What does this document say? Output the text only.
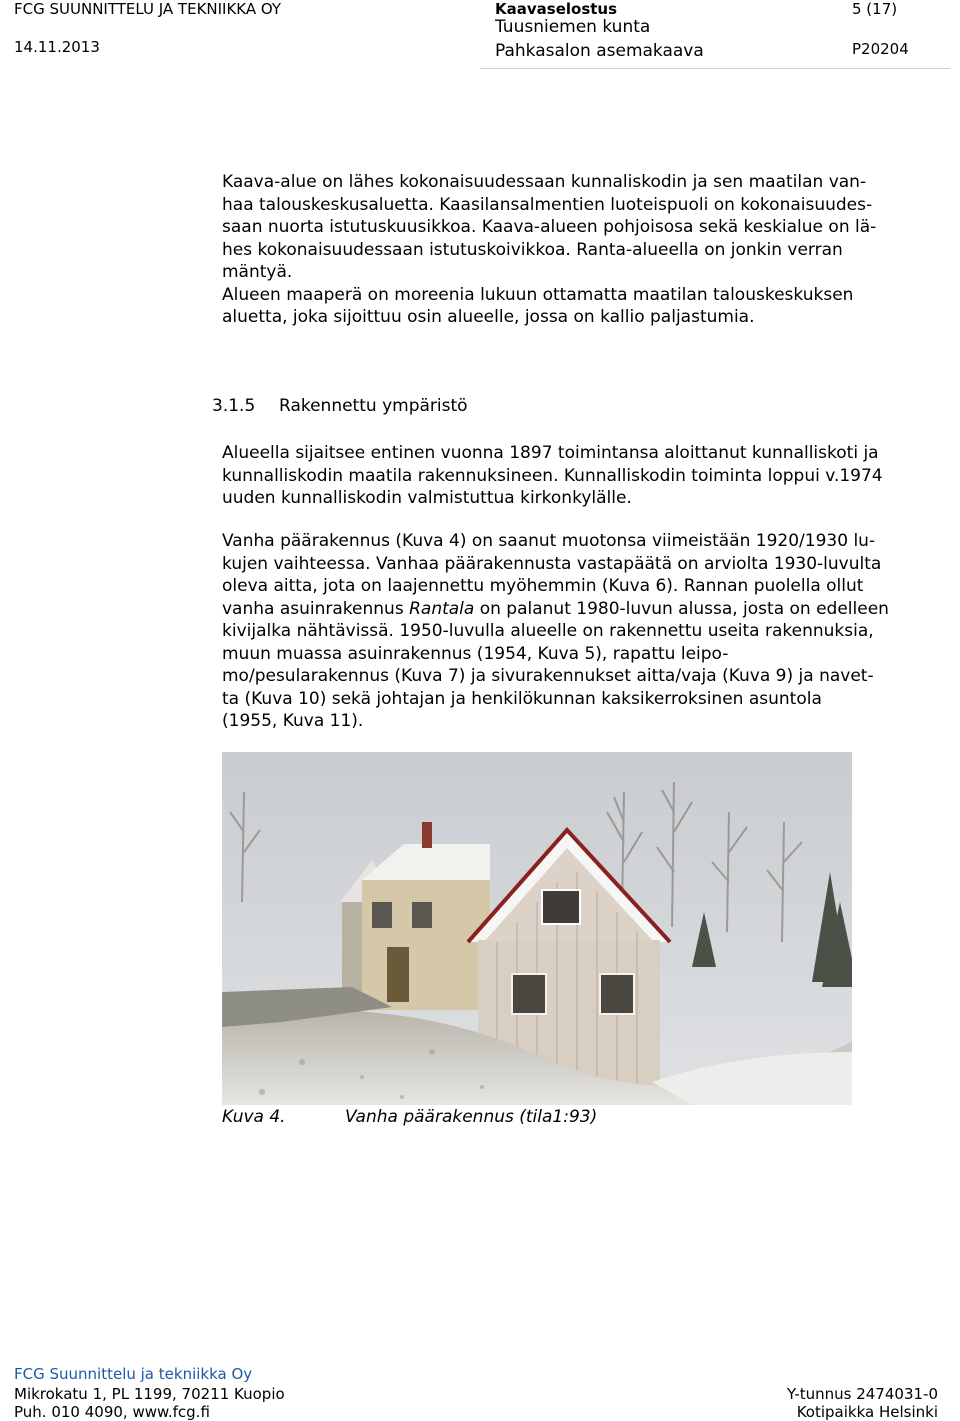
FCG SUUNNITTELU JA TEKNIIKKA OY
14.11.2013
Kaavaselostus
Tuusniemen kunta
Pahkasalon asemakaava
5 (17)
P20204

Kaava-alue on lähes kokonaisuudessaan kunnaliskodin ja sen maatilan van-

haa talouskeskusaluetta. Kaasilansalmentien luoteispuoli on kokonaisuudes-

saan nuorta istutuskuusikkoa. Kaava-alueen pohjoisosa sekä keskialue on lä-

hes kokonaisuudessaan istutuskoivikkoa. Ranta-alueella on jonkin verran

mäntyä.

Alueen maaperä on moreenia lukuun ottamatta maatilan talouskeskuksen

aluetta, joka sijoittuu osin alueelle, jossa on kallio paljastumia.

3.1.5 Rakennettu ympäristö

Alueella sijaitsee entinen vuonna 1897 toimintansa aloittanut kunnalliskoti ja

kunnalliskodin maatila rakennuksineen. Kunnalliskodin toiminta loppui v.1974

uuden kunnalliskodin valmistuttua kirkonkylälle.

Vanha päärakennus (Kuva 4) on saanut muotonsa viimeistään 1920/1930 lu-

kujen vaihteessa. Vanhaa päärakennusta vastapäätä on arviolta 1930-luvulta

oleva aitta, jota on laajennettu myöhemmin (Kuva 6). Rannan puolella ollut

vanha asuinrakennus Rantala on palanut 1980-luvun alussa, josta on edelleen

kivijalka nähtävissä. 1950-luvulla alueelle on rakennettu useita rakennuksia,

muun muassa asuinrakennus (1954, Kuva 5), rapattu leipo-

mo/pesularakennus (Kuva 7) ja sivurakennukset aitta/vaja (Kuva 9) ja navet-

ta (Kuva 10) sekä johtajan ja henkilökunnan kaksikerroksinen asuntola

(1955, Kuva 11).

Kuva 4.	Vanha päärakennus (tila1:93)
FCG Suunnittelu ja tekniikka Oy
Mikrokatu 1, PL 1199, 70211 Kuopio
Puh. 010 4090, www.fcg.fi
Y-tunnus 2474031-0
Kotipaikka Helsinki
